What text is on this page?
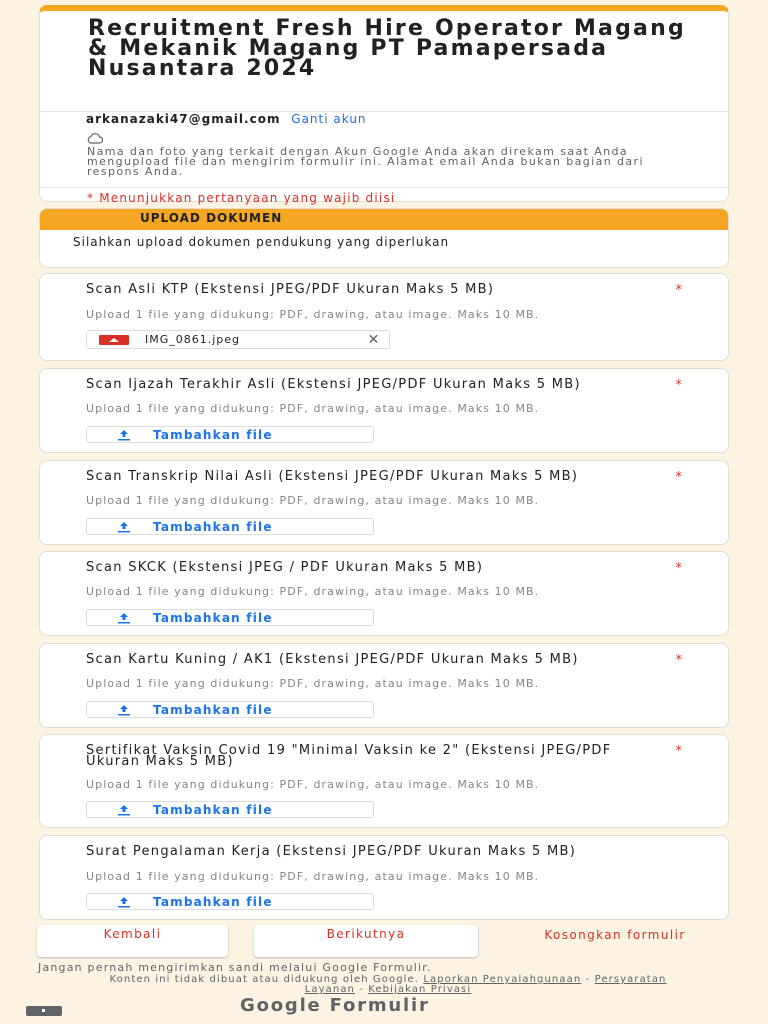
Recruitment Fresh Hire Operator Magang & Mekanik Magang PT Pamapersada Nusantara 2024
arkanazaki47@gmail.com Ganti akun
Nama dan foto yang terkait dengan Akun Google Anda akan direkam saat Anda mengupload file dan mengirim formulir ini. Alamat email Anda bukan bagian dari respons Anda.
* Menunjukkan pertanyaan yang wajib diisi
UPLOAD DOKUMEN
Silahkan upload dokumen pendukung yang diperlukan
Scan Asli KTP (Ekstensi JPEG/PDF Ukuran Maks 5 MB)	*
Upload 1 file yang didukung: PDF, drawing, atau image. Maks 10 MB.
IMG_0861.jpeg	✕
Scan Ijazah Terakhir Asli (Ekstensi JPEG/PDF Ukuran Maks 5 MB)	*
Upload 1 file yang didukung: PDF, drawing, atau image. Maks 10 MB.
Tambahkan file
Scan Transkrip Nilai Asli (Ekstensi JPEG/PDF Ukuran Maks 5 MB)	*
Upload 1 file yang didukung: PDF, drawing, atau image. Maks 10 MB.
Tambahkan file
Scan SKCK (Ekstensi JPEG / PDF Ukuran Maks 5 MB)	*
Upload 1 file yang didukung: PDF, drawing, atau image. Maks 10 MB.
Tambahkan file
Scan Kartu Kuning / AK1 (Ekstensi JPEG/PDF Ukuran Maks 5 MB)	*
Upload 1 file yang didukung: PDF, drawing, atau image. Maks 10 MB.
Tambahkan file
Sertifikat Vaksin Covid 19 "Minimal Vaksin ke 2" (Ekstensi JPEG/PDF Ukuran Maks 5 MB)
*
Upload 1 file yang didukung: PDF, drawing, atau image. Maks 10 MB.
Tambahkan file
Surat Pengalaman Kerja (Ekstensi JPEG/PDF Ukuran Maks 5 MB)
Upload 1 file yang didukung: PDF, drawing, atau image. Maks 10 MB.
Tambahkan file
Kembali	Berikutnya	Kosongkan formulir
Jangan pernah mengirimkan sandi melalui Google Formulir.
Konten ini tidak dibuat atau didukung oleh Google. Laporkan Penyalahgunaan - Persyaratan Layanan - Kebijakan Privasi
Google Formulir
